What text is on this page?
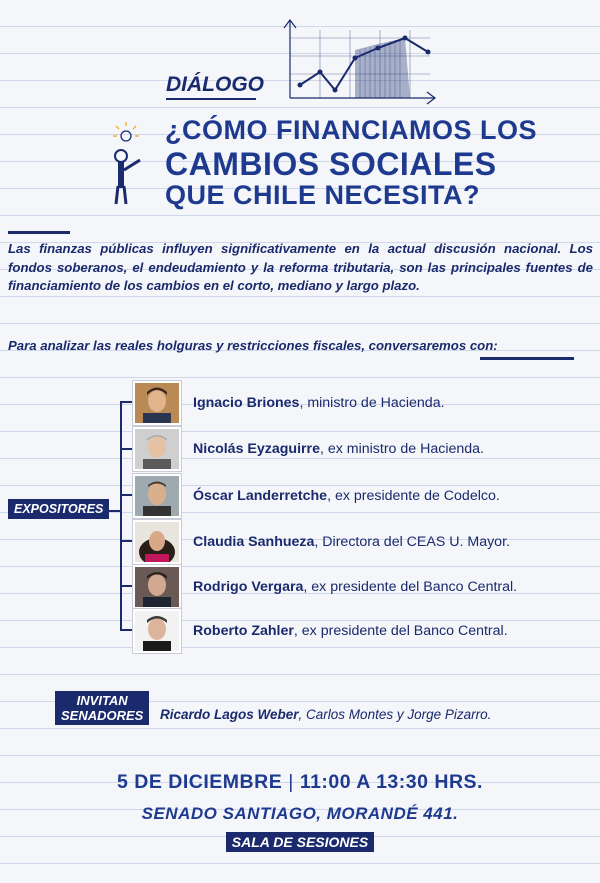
DIÁLOGO
¿CÓMO FINANCIAMOS LOS
CAMBIOS SOCIALES
QUE CHILE NECESITA?
Las finanzas públicas influyen significativamente en la actual discusión nacional. Los fondos soberanos, el endeudamiento y la reforma tributaria, son las principales fuentes de financiamiento de los cambios en el corto, mediano y largo plazo.
Para analizar las reales holguras y restricciones fiscales, conversaremos con:
EXPOSITORES
Ignacio Briones, ministro de Hacienda.
Nicolás Eyzaguirre, ex ministro de Hacienda.
Óscar Landerretche, ex presidente de Codelco.
Claudia Sanhueza, Directora del CEAS U. Mayor.
Rodrigo Vergara, ex presidente del Banco Central.
Roberto Zahler, ex presidente del Banco Central.
INVITAN
SENADORES Ricardo Lagos Weber, Carlos Montes y Jorge Pizarro.
5 DE DICIEMBRE | 11:00 A 13:30 HRS.
SENADO SANTIAGO, MORANDÉ 441.
SALA DE SESIONES
